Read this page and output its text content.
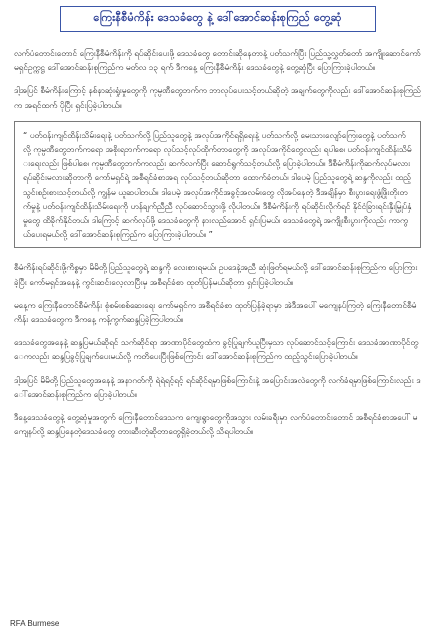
ကြေးနီစီမံကိန်း ဒေသခံတွေ နဲ့ ဒေါ်အောင်ဆန်းစုကြည် တွေ့ဆုံ

လက်ပံတောင်းတောင် ကြေးနီစီမံကိန်းကို ရပ်ဆိုင်းပေးဖို့ ဒေသခံတွေ တောင်းဆိုနေတာနဲ့ ပတ်သက်ပြီး ပြည်သူ့လွှတ်တော် အကျိုးဆောင်ကော်မရှင်ဥက္ကဋ္ဌ ဒေါ်အောင်ဆန်းစုကြည်က မတ်လ ၁၃ ရက် ဒီကနေ့ ကြေးနီစီမံကိန်း ဒေသခံတွေနဲ့ တွေ့ဆုံပြီး ပြောကြားခဲ့ပါတယ်။

ဒါ့အပြင် စီမံကိန်းကြောင့် နစ်နာဆုံးရှုံးမှုတွေကို ကုမ္ပဏီတွေဘက်က ဘာလုပ်ပေးသင့်တယ်ဆိုတဲ့ အချက်တွေကိုလည်း ဒေါ်အောင်ဆန်းစုကြည်က အရင်ထက် ပိုပြီး ရှင်းပြခဲ့ပါတယ်။

“ ပတ်ဝန်းကျင်ထိန်းသိမ်းရေးနဲ့ ပတ်သက်လို့ ပြည်သူတွေနဲ့ အလုပ်အကိုင်ရရှိရေးနဲ့ ပတ်သက်လို့ မေးသားလျော်ကြေးတွေနဲ့ ပတ်သက်လို့ ကုမ္ပဏီတွေဘက်ကရော အစိုးရဘက်ကရော လုပ်သင့်လုပ်ထိုက်တာတွေကို အလုပ်အကိုင်တွေလည်း ရပါစေ၊ ပတ်ဝန်းကျင်ထိန်းသိမ်းရေးလည်း ဖြစ်ပါစေ၊ ကုမ္ပဏီတွေဘက်ကလည်း ဆက်လက်ပြီး ဆောင်ရွက်သင့်တယ်လို့ ပြောခဲ့ပါတယ်။ ဒီစီမံကိန်းကိုဆက်လုပ်မလား ရပ်ဆိုင်းမလားဆိုတာကို ကော်မရှင်ရဲ့ အစီရင်ခံစာအရ လုပ်သင့်တယ်ဆိုတာ ထောက်ခံတယ်၊ ဒါပေမဲ့ ပြည်သူတွေရဲ့ ဆန္ဒကိုလည်း ထည့်သွင်းစဉ်းစားသင့်တယ်လို့ ကျွန်မ ယူဆပါတယ်။ ဒါပေမဲ့ အလုပ်အကိုင်အခွင့်အလမ်းတွေ လိုအပ်နေတဲ့ ဒီအချိန်မှာ စီးပွားရေးဖွံ့ဖြိုးတိုးတက်မှုနဲ့ ပတ်ဝန်းကျင်ထိန်းသိမ်းရေးကို ဟန်ချက်ညီညီ လုပ်ဆောင်သွားဖို့ လိုပါတယ်။ ဒီစီမံကိန်းကို ရပ်ဆိုင်းလိုက်ရင် နိုင်ငံခြားရင်းနှီးမြှုပ်နှံမှုတွေ ထိခိုက်နိုင်တယ်၊ ဒါကြောင့် ဆက်လုပ်ဖို့ ဒေသခံတွေကို နားလည်အောင် ရှင်းပြမယ်၊ ဒေသခံတွေရဲ့ အကျိုးစီးပွားကိုလည်း ကာကွယ်ပေးရမယ်လို့ ဒေါ်အောင်ဆန်းစုကြည်က ပြောကြားခဲ့ပါတယ်။ ”

စီမံကိန်းရပ်ဆိုင်းဖို့ကိစ္စမှာ မိမိတို့ပြည်သူတွေရဲ့ ဆန္ဒကို လေးစားရမယ်၊ ဥပဒေနဲ့အညီ ဆုံးဖြတ်ရမယ်လို့ ဒေါ်အောင်ဆန်းစုကြည်က ပြောကြားခဲ့ပြီး ကော်မရှင်အနေနဲ့ ကွင်းဆင်းလေ့လာပြီးမှ အစီရင်ခံစာ ထုတ်ပြန်မယ်ဆိုတာ ရှင်းပြခဲ့ပါတယ်။

မနေ့က ကြေးနီတောင်စီမံကိန်း စုံစမ်းစစ်ဆေးရေး ကော်မရှင်က အစီရင်ခံစာ ထုတ်ပြန်ခဲ့ရာမှာ အဲဒီအပေါ် မကျေနပ်ကြတဲ့ ကြေးနီတောင်စီမံကိန်း ဒေသခံတွေက ဒီကနေ့ ကန့်ကွက်ဆန္ဒပြခဲ့ကြပါတယ်။

ဒေသခံတွေအနေနဲ့ ဆန္ဒပြမယ်ဆိုရင် သက်ဆိုင်ရာ အာဏာပိုင်တွေထံက ခွင့်ပြုချက်ယူပြီးမှသာ လုပ်ဆောင်သင့်ကြောင်း ဒေသခံအာဏာပိုင်တွေကလည်း ဆန္ဒပြခွင့်ပြုချက်ပေးမယ်လို့ ကတိပေးပြီးဖြစ်ကြောင်း ဒေါ်အောင်ဆန်းစုကြည်က ထည့်သွင်းပြောခဲ့ပါတယ်။

ဒါ့အပြင် မိမိတို့ပြည်သူတွေအနေနဲ့ အနာဂတ်ကို ရဲရဲရင့်ရင့် ရင်ဆိုင်ရမှာဖြစ်ကြောင်းနဲ့ အပြောင်းအလဲတွေကို လက်ခံရမှာဖြစ်ကြောင်းလည်း ဒေါ်အောင်ဆန်းစုကြည်က ပြောခဲ့ပါတယ်။

ဒီနေ့ဒေသခံတွေနဲ့ တွေ့ဆုံမှုအတွက် ကြေးနီတောင်ဒေသက ကျေးရွာတွေကိုအသွား လမ်းခရီးမှာ လက်ပံတောင်းတောင် အစီရင်ခံစာအပေါ် မကျေနပ်လို့ ဆန္ဒပြနေတဲ့ဒေသခံတွေ တားဆီးတဲ့ဆိုတာတွေရှိခဲ့တယ်လို့ သိရပါတယ်။

RFA Burmese
